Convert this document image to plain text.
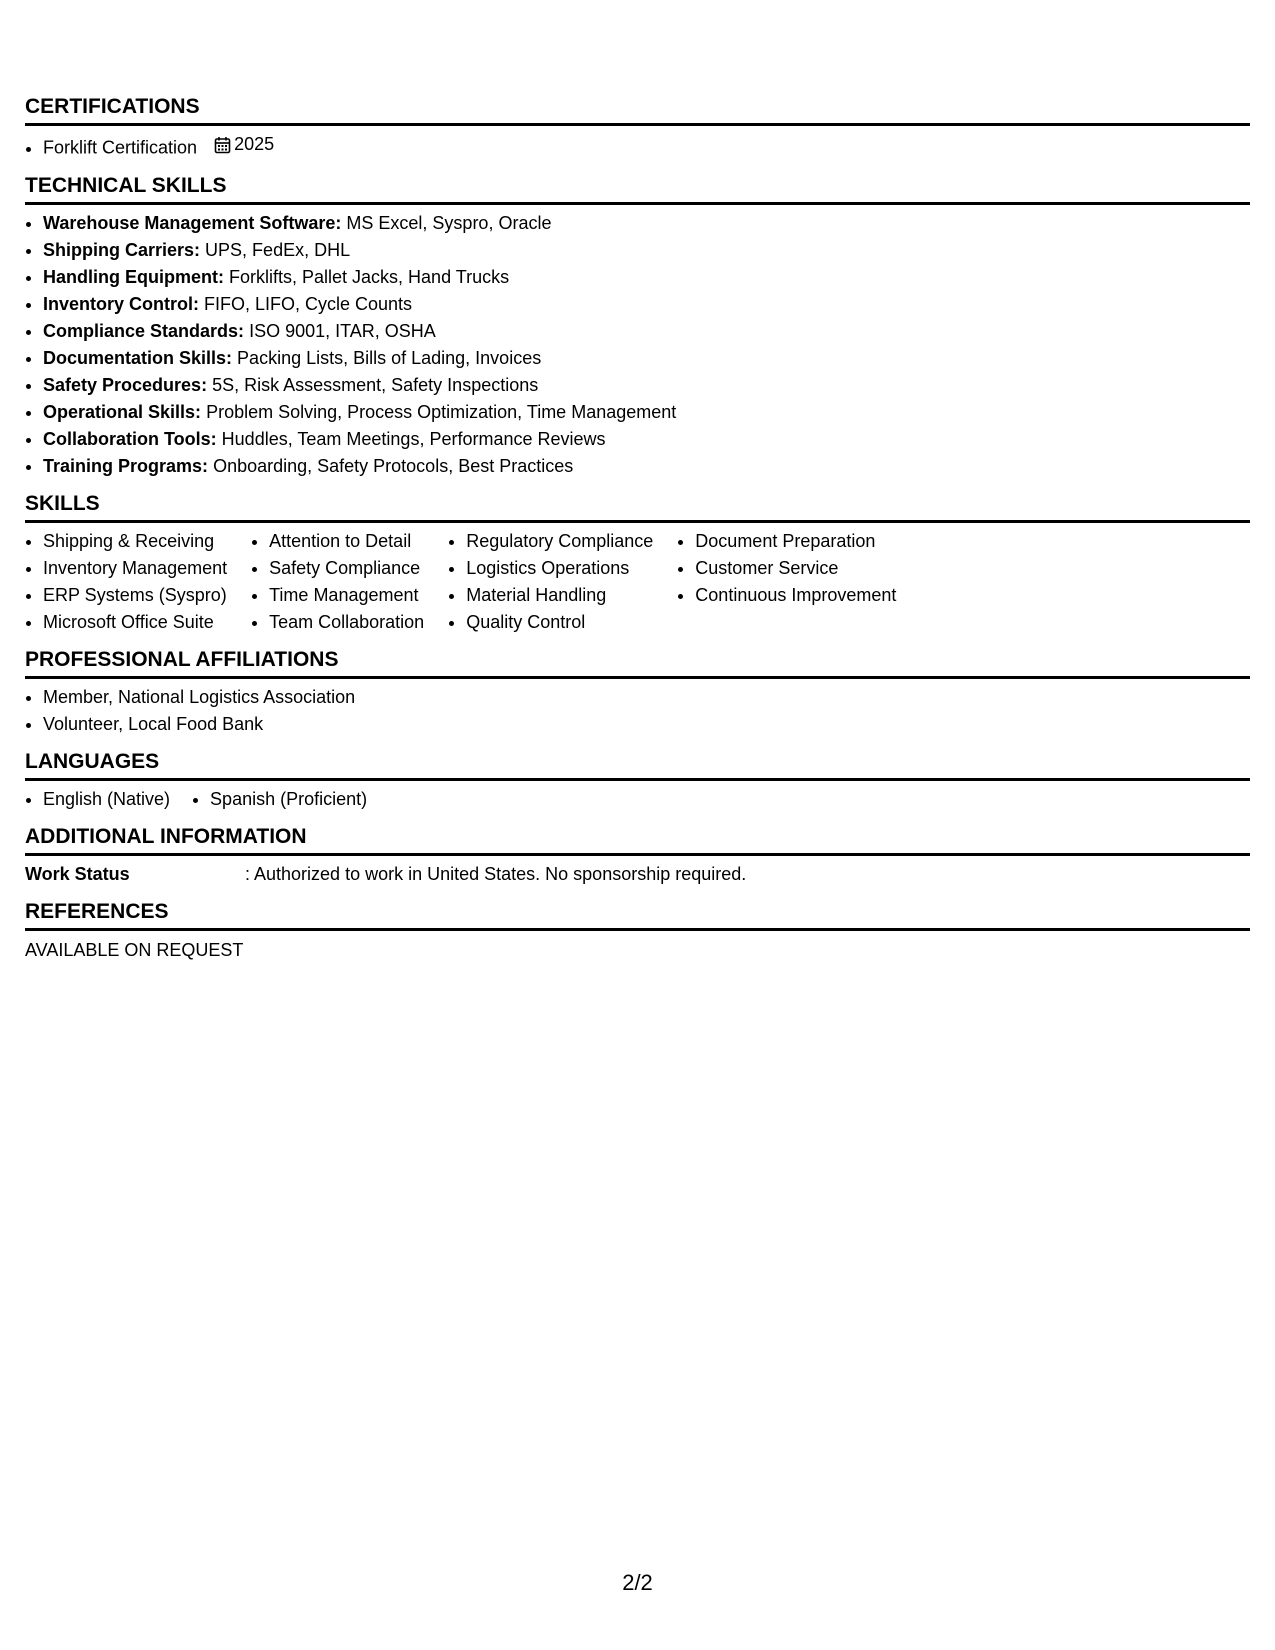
CERTIFICATIONS
• Forklift Certification 2025
TECHNICAL SKILLS
• Warehouse Management Software: MS Excel, Syspro, Oracle
• Shipping Carriers: UPS, FedEx, DHL
• Handling Equipment: Forklifts, Pallet Jacks, Hand Trucks
• Inventory Control: FIFO, LIFO, Cycle Counts
• Compliance Standards: ISO 9001, ITAR, OSHA
• Documentation Skills: Packing Lists, Bills of Lading, Invoices
• Safety Procedures: 5S, Risk Assessment, Safety Inspections
• Operational Skills: Problem Solving, Process Optimization, Time Management
• Collaboration Tools: Huddles, Team Meetings, Performance Reviews
• Training Programs: Onboarding, Safety Protocols, Best Practices
SKILLS
• Shipping & Receiving
• Inventory Management
• ERP Systems (Syspro)
• Microsoft Office Suite
• Attention to Detail
• Safety Compliance
• Time Management
• Team Collaboration
• Regulatory Compliance
• Logistics Operations
• Material Handling
• Quality Control
• Document Preparation
• Customer Service
• Continuous Improvement
PROFESSIONAL AFFILIATIONS
• Member, National Logistics Association
• Volunteer, Local Food Bank
LANGUAGES
• English (Native)
• Spanish (Proficient)
ADDITIONAL INFORMATION
Work Status	: Authorized to work in United States. No sponsorship required.
REFERENCES
AVAILABLE ON REQUEST
2/2
